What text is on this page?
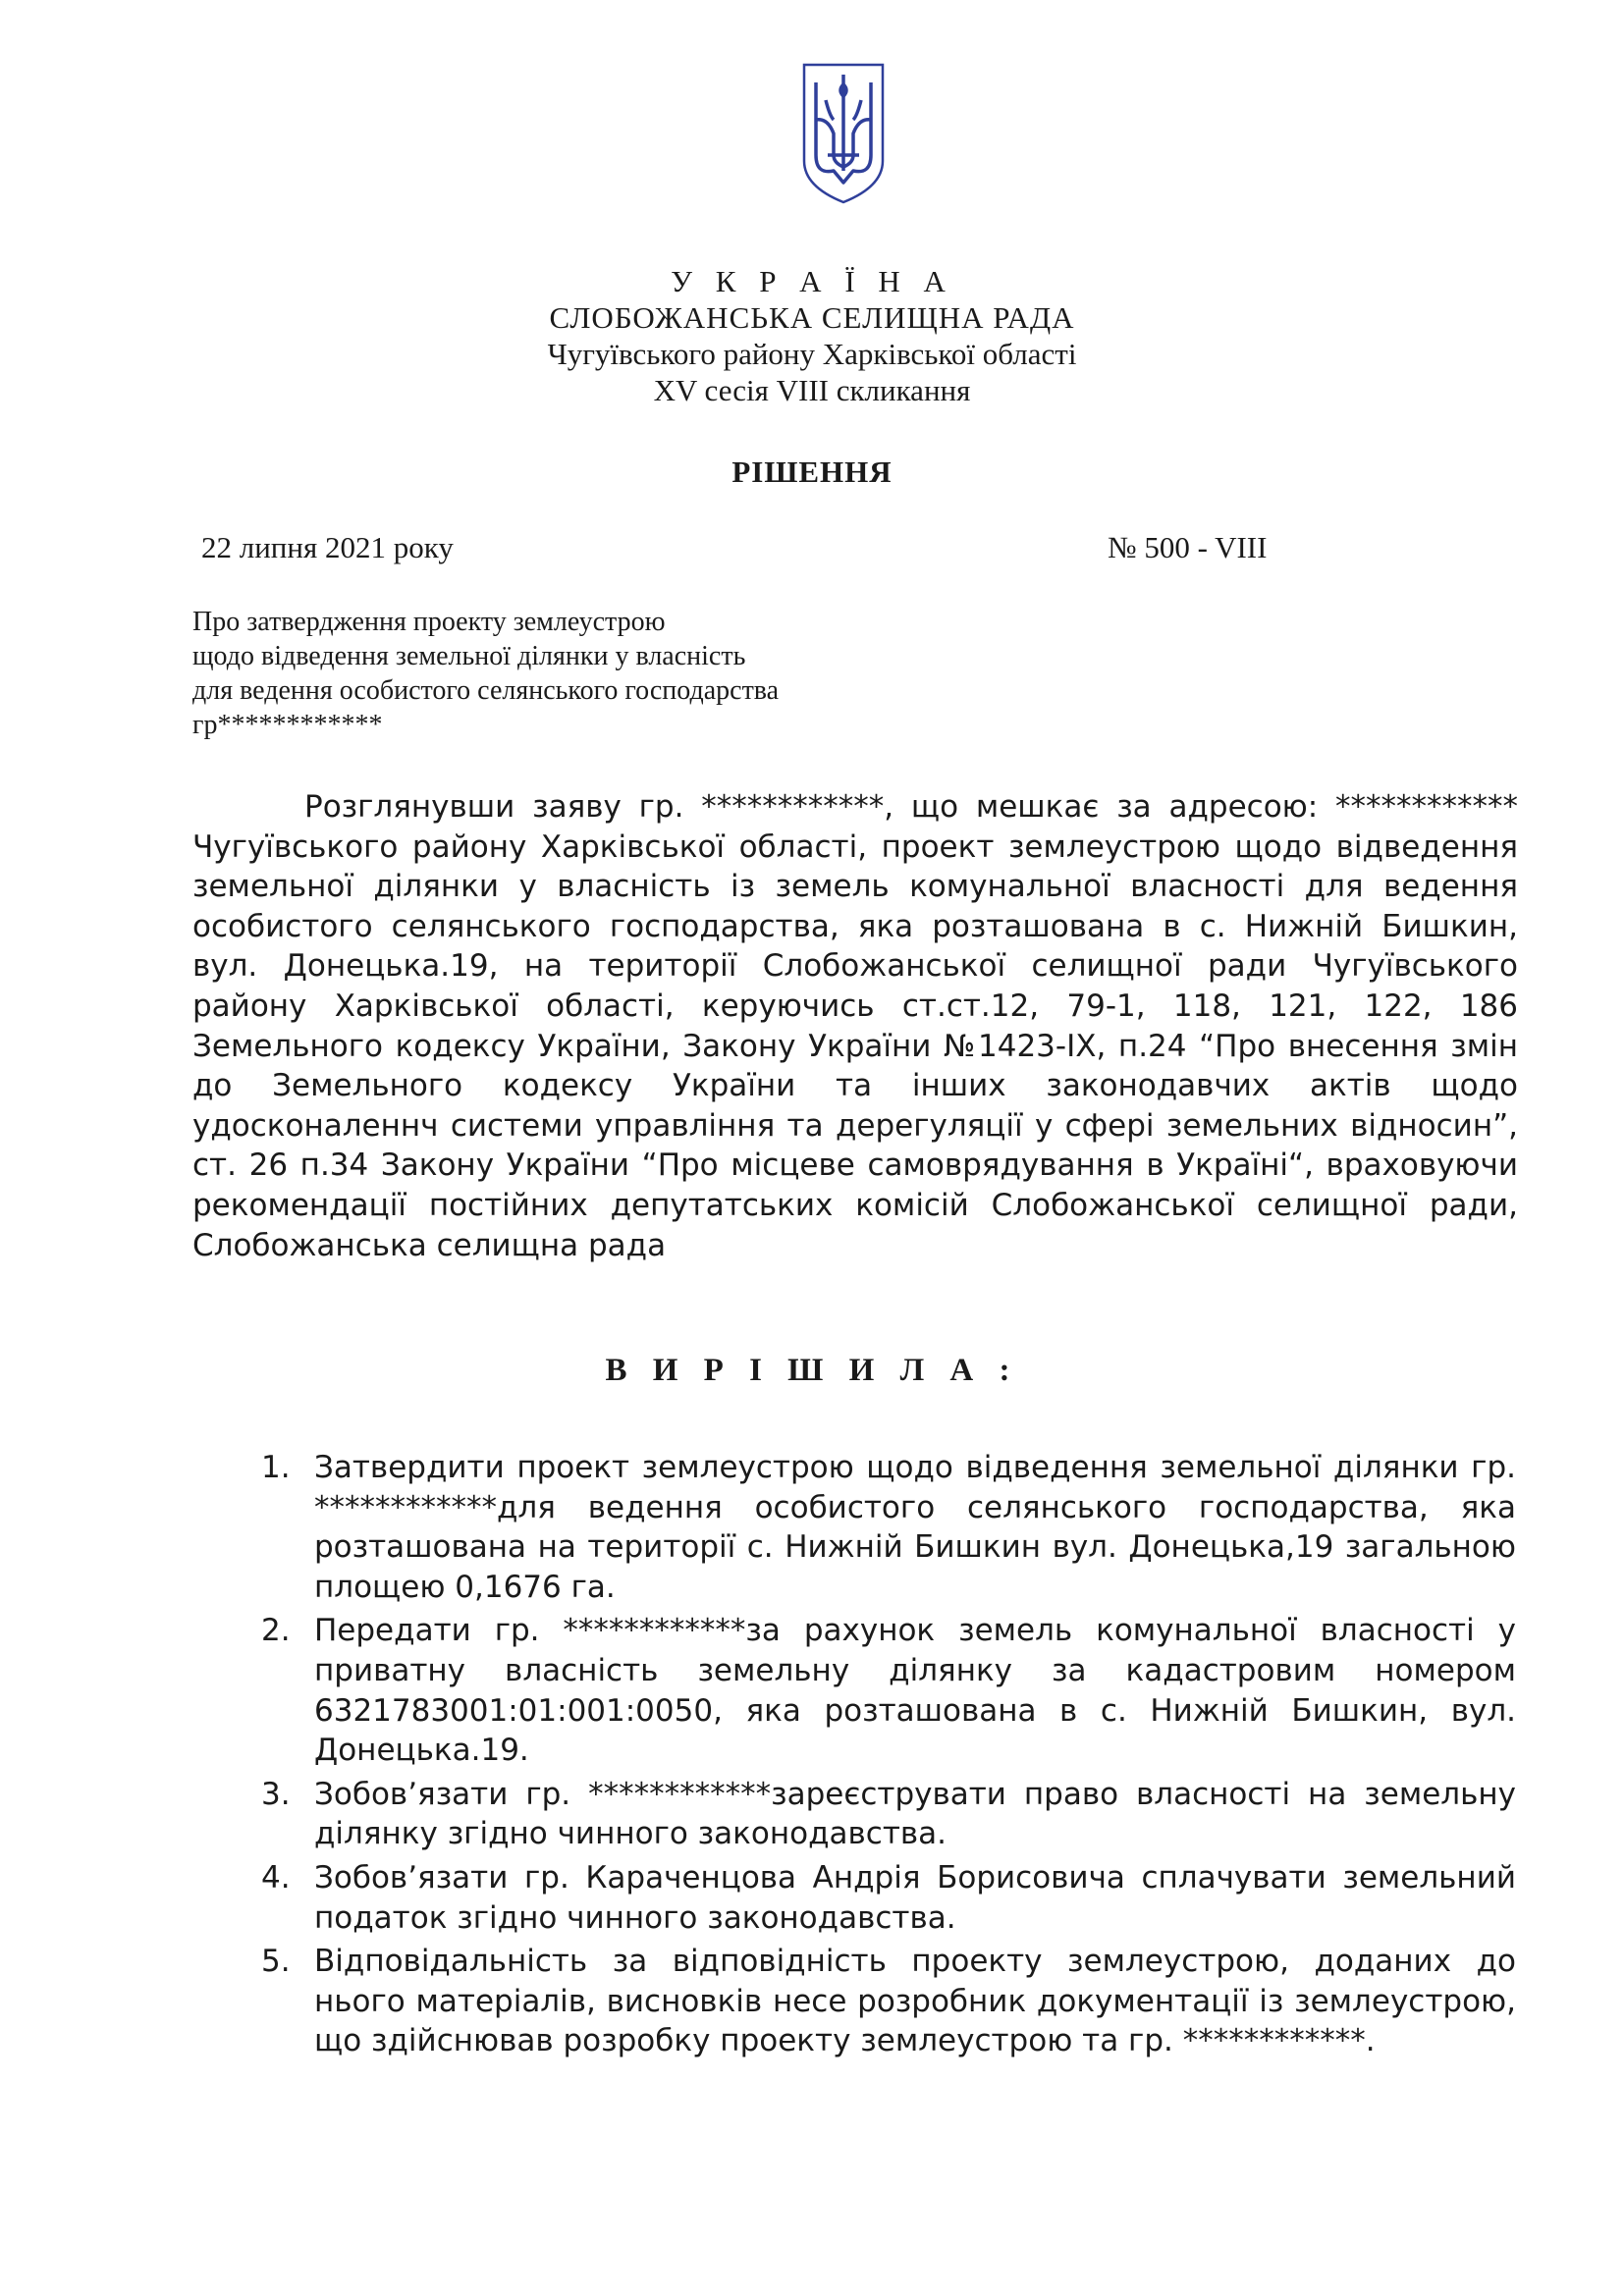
У К Р А Ї Н А
СЛОБОЖАНСЬКА СЕЛИЩНА РАДА
Чугуївського району Харківської області
XV сесія VIII скликання
РІШЕННЯ
22 липня 2021 року	№ 500 - VIII
Про затвердження проекту землеустрою
щодо відведення земельної ділянки у власність
для ведення особистого селянського господарства
гр************

Розглянувши заяву гр. ************, що мешкає за адресою: ************ Чугуївського району Харківської області, проект землеустрою щодо відведення земельної ділянки у власність із земель комунальної власності для ведення особистого селянського господарства, яка розташована в с. Нижній Бишкин, вул. Донецька.19, на території Слобожанської селищної ради Чугуївського району Харківської області, керуючись ст.ст.12, 79-1, 118, 121, 122, 186 Земельного кодексу України, Закону України №1423-ІХ, п.24 “Про внесення змін до Земельного кодексу України та інших законодавчих актів щодо удосконаленнч системи управління та дерегуляції у сфері земельних відносин”, ст. 26 п.34 Закону України “Про місцеве самоврядування в Україні“, враховуючи рекомендації постійних депутатських комісій Слобожанської селищної ради, Слобожанська селищна рада

В И Р І Ш И Л А :
1. Затвердити проект землеустрою щодо відведення земельної ділянки гр. ************для ведення особистого селянського господарства, яка розташована на території с. Нижній Бишкин вул. Донецька,19 загальною площею 0,1676 га.
2. Передати гр. ************за рахунок земель комунальної власності у приватну власність земельну ділянку за кадастровим номером 6321783001:01:001:0050, яка розташована в с. Нижній Бишкин, вул. Донецька.19.
3. Зобов’язати гр. ************зареєструвати право власності на земельну ділянку згідно чинного законодавства.
4. Зобов’язати гр. Караченцова Андрія Борисовича сплачувати земельний податок згідно чинного законодавства.
5. Відповідальність за відповідність проекту землеустрою, доданих до нього матеріалів, висновків несе розробник документації із землеустрою, що здійснював розробку проекту землеустрою та гр. ************.
